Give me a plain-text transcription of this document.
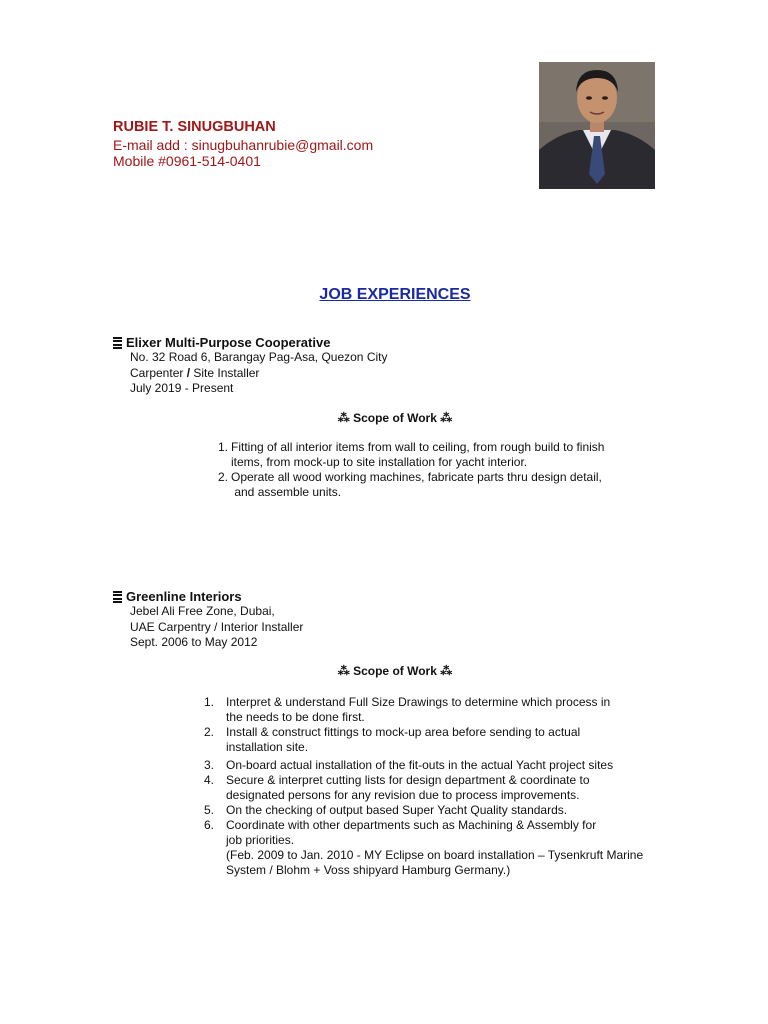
RUBIE T. SINUGBUHAN
E-mail add : sinugbuhanrubie@gmail.com
Mobile #0961-514-0401
JOB EXPERIENCES
Elixer Multi-Purpose Cooperative
No. 32 Road 6, Barangay Pag-Asa, Quezon City
Carpenter / Site Installer
July 2019 - Present
⁂ Scope of Work ⁂
1. Fitting of all interior items from wall to ceiling, from rough build to finish
items, from mock-up to site installation for yacht interior.
2. Operate all wood working machines, fabricate parts thru design detail,
and assemble units.
Greenline Interiors
Jebel Ali Free Zone, Dubai,
UAE Carpentry / Interior Installer
Sept. 2006 to May 2012
⁂ Scope of Work ⁂
1. Interpret & understand Full Size Drawings to determine which process in
the needs to be done first.
2. Install & construct fittings to mock-up area before sending to actual
installation site.
3. On-board actual installation of the fit-outs in the actual Yacht project sites
4. Secure & interpret cutting lists for design department & coordinate to
designated persons for any revision due to process improvements.
5. On the checking of output based Super Yacht Quality standards.
6. Coordinate with other departments such as Machining & Assembly for
job priorities.
(Feb. 2009 to Jan. 2010 - MY Eclipse on board installation – Tysenkruft Marine
System / Blohm + Voss shipyard Hamburg Germany.)
